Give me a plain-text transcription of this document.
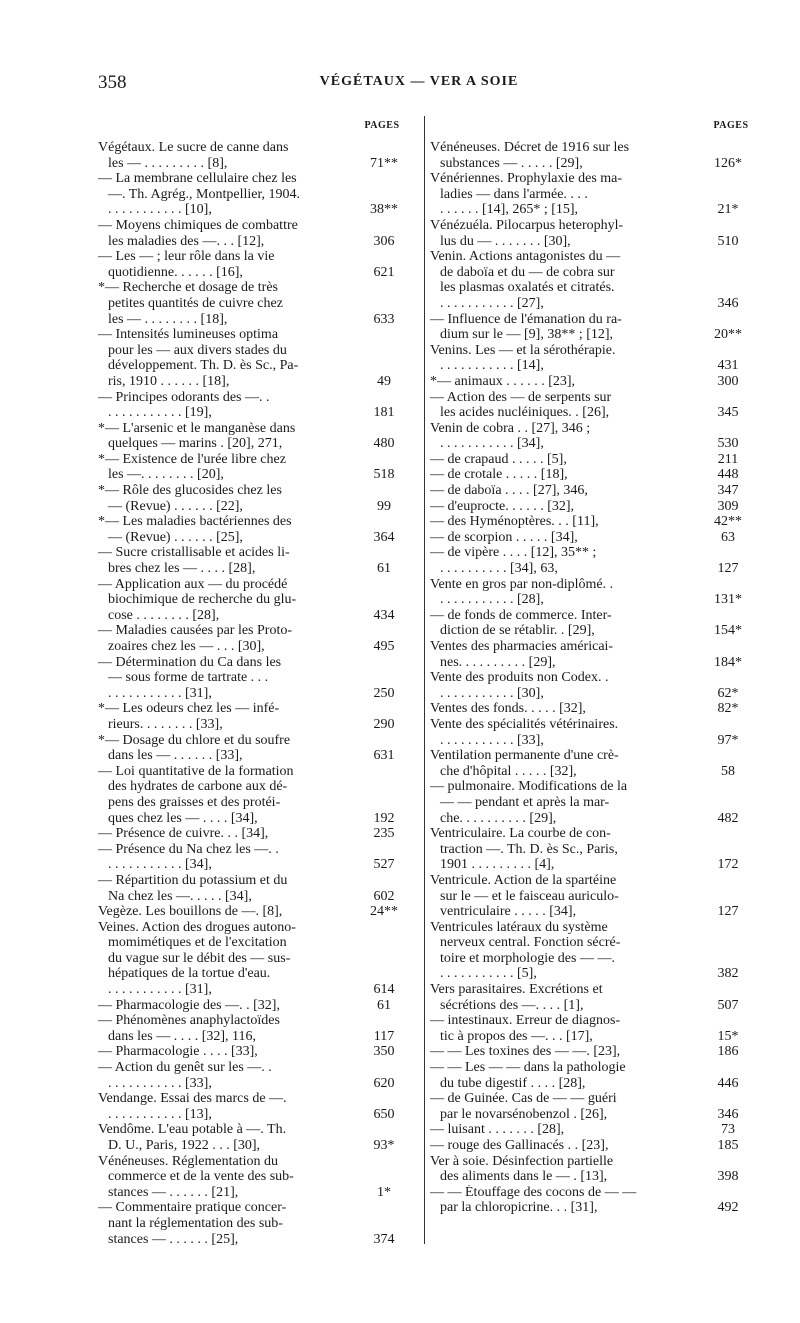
358	VÉGÉTAUX — VER A SOIE
PAGES	PAGES
Végétaux. Le sucre de canne dans
les — . . . . . . . . . [8],	71**
— La membrane cellulaire chez les
—. Th. Agrég., Montpellier, 1904.
. . . . . . . . . . . [10],	38**
— Moyens chimiques de combattre
les maladies des —. . . [12],	306
— Les — ; leur rôle dans la vie
quotidienne. . . . . . [16],	621
*— Recherche et dosage de très
petites quantités de cuivre chez
les — . . . . . . . . [18],	633
— Intensités lumineuses optima
pour les — aux divers stades du
développement. Th. D. ès Sc., Pa-
ris, 1910 . . . . . . [18],	49
— Principes odorants des —. .
. . . . . . . . . . . [19],	181
*— L'arsenic et le manganèse dans
quelques — marins . [20], 271,	480
*— Existence de l'urée libre chez
les —. . . . . . . . [20],	518
*— Rôle des glucosides chez les
— (Revue) . . . . . . [22],	99
*— Les maladies bactériennes des
— (Revue) . . . . . . [25],	364
— Sucre cristallisable et acides li-
bres chez les — . . . . [28],	61
— Application aux — du procédé
biochimique de recherche du glu-
cose . . . . . . . . [28],	434
— Maladies causées par les Proto-
zoaires chez les — . . . [30],	495
— Détermination du Ca dans les
— sous forme de tartrate . . .
. . . . . . . . . . . [31],	250
*— Les odeurs chez les — infé-
rieurs. . . . . . . . [33],	290
*— Dosage du chlore et du soufre
dans les — . . . . . . [33],	631
— Loi quantitative de la formation
des hydrates de carbone aux dé-
pens des graisses et des protéi-
ques chez les — . . . . [34],	192
— Présence de cuivre. . . [34],	235
— Présence du Na chez les —. .
. . . . . . . . . . . [34],	527
— Répartition du potassium et du
Na chez les —. . . . . [34],	602
Vegèze. Les bouillons de —. [8],	24**
Veines. Action des drogues autono-
momimétiques et de l'excitation
du vague sur le débit des — sus-
hépatiques de la tortue d'eau.
. . . . . . . . . . . [31],	614
— Pharmacologie des —. . [32],	61
— Phénomènes anaphylactoïdes
dans les — . . . . [32], 116,	117
— Pharmacologie . . . . [33],	350
— Action du genêt sur les —. .
. . . . . . . . . . . [33],	620
Vendange. Essai des marcs de —.
. . . . . . . . . . . [13],	650
Vendôme. L'eau potable à —. Th.
D. U., Paris, 1922 . . . [30],	93*
Vénéneuses. Réglementation du
commerce et de la vente des sub-
stances — . . . . . . [21],	1*
— Commentaire pratique concer-
nant la réglementation des sub-
stances — . . . . . . [25],	374
Vénéneuses. Décret de 1916 sur les
substances — . . . . . [29],	126*
Vénériennes. Prophylaxie des ma-
ladies — dans l'armée. . . .
. . . . . . [14], 265* ; [15],	21*
Vénézuéla. Pilocarpus heterophyl-
lus du — . . . . . . . [30],	510
Venin. Actions antagonistes du —
de daboïa et du — de cobra sur
les plasmas oxalatés et citratés.
. . . . . . . . . . . [27],	346
— Influence de l'émanation du ra-
dium sur le — [9], 38** ; [12],	20**
Venins. Les — et la sérothérapie.
. . . . . . . . . . . [14],	431
*— animaux . . . . . . [23],	300
— Action des — de serpents sur
les acides nucléiniques. . [26],	345
Venin de cobra . . [27], 346 ;
. . . . . . . . . . . [34],	530
— de crapaud . . . . . [5],	211
— de crotale . . . . . [18],	448
— de daboïa . . . . [27], 346,	347
— d'euprocte. . . . . . [32],	309
— des Hyménoptères. . . [11],	42**
— de scorpion . . . . . [34],	63
— de vipère . . . . [12], 35** ;
. . . . . . . . . . [34], 63,	127
Vente en gros par non-diplômé. .
. . . . . . . . . . . [28],	131*
— de fonds de commerce. Inter-
diction de se rétablir. . [29],	154*
Ventes des pharmacies américai-
nes. . . . . . . . . . [29],	184*
Vente des produits non Codex. .
. . . . . . . . . . . [30],	62*
Ventes des fonds. . . . . [32],	82*
Vente des spécialités vétérinaires.
. . . . . . . . . . . [33],	97*
Ventilation permanente d'une crè-
che d'hôpital . . . . . [32],	58
— pulmonaire. Modifications de la
— — pendant et après la mar-
che. . . . . . . . . . [29],	482
Ventriculaire. La courbe de con-
traction —. Th. D. ès Sc., Paris,
1901 . . . . . . . . . [4],	172
Ventricule. Action de la spartéine
sur le — et le faisceau auriculo-
ventriculaire . . . . . [34],	127
Ventricules latéraux du système
nerveux central. Fonction sécré-
toire et morphologie des — —.
. . . . . . . . . . . [5],	382
Vers parasitaires. Excrétions et
sécrétions des —. . . . [1],	507
— intestinaux. Erreur de diagnos-
tic à propos des —. . . [17],	15*
— — Les toxines des — —. [23],	186
— — Les — — dans la pathologie
du tube digestif . . . . [28],	446
— de Guinée. Cas de — — guéri
par le novarsénobenzol . [26],	346
— luisant . . . . . . . [28],	73
— rouge des Gallinacés . . [23],	185
Ver à soie. Désinfection partielle
des aliments dans le — . [13],	398
— — Étouffage des cocons de — —
par la chloropicrine. . . [31],	492
